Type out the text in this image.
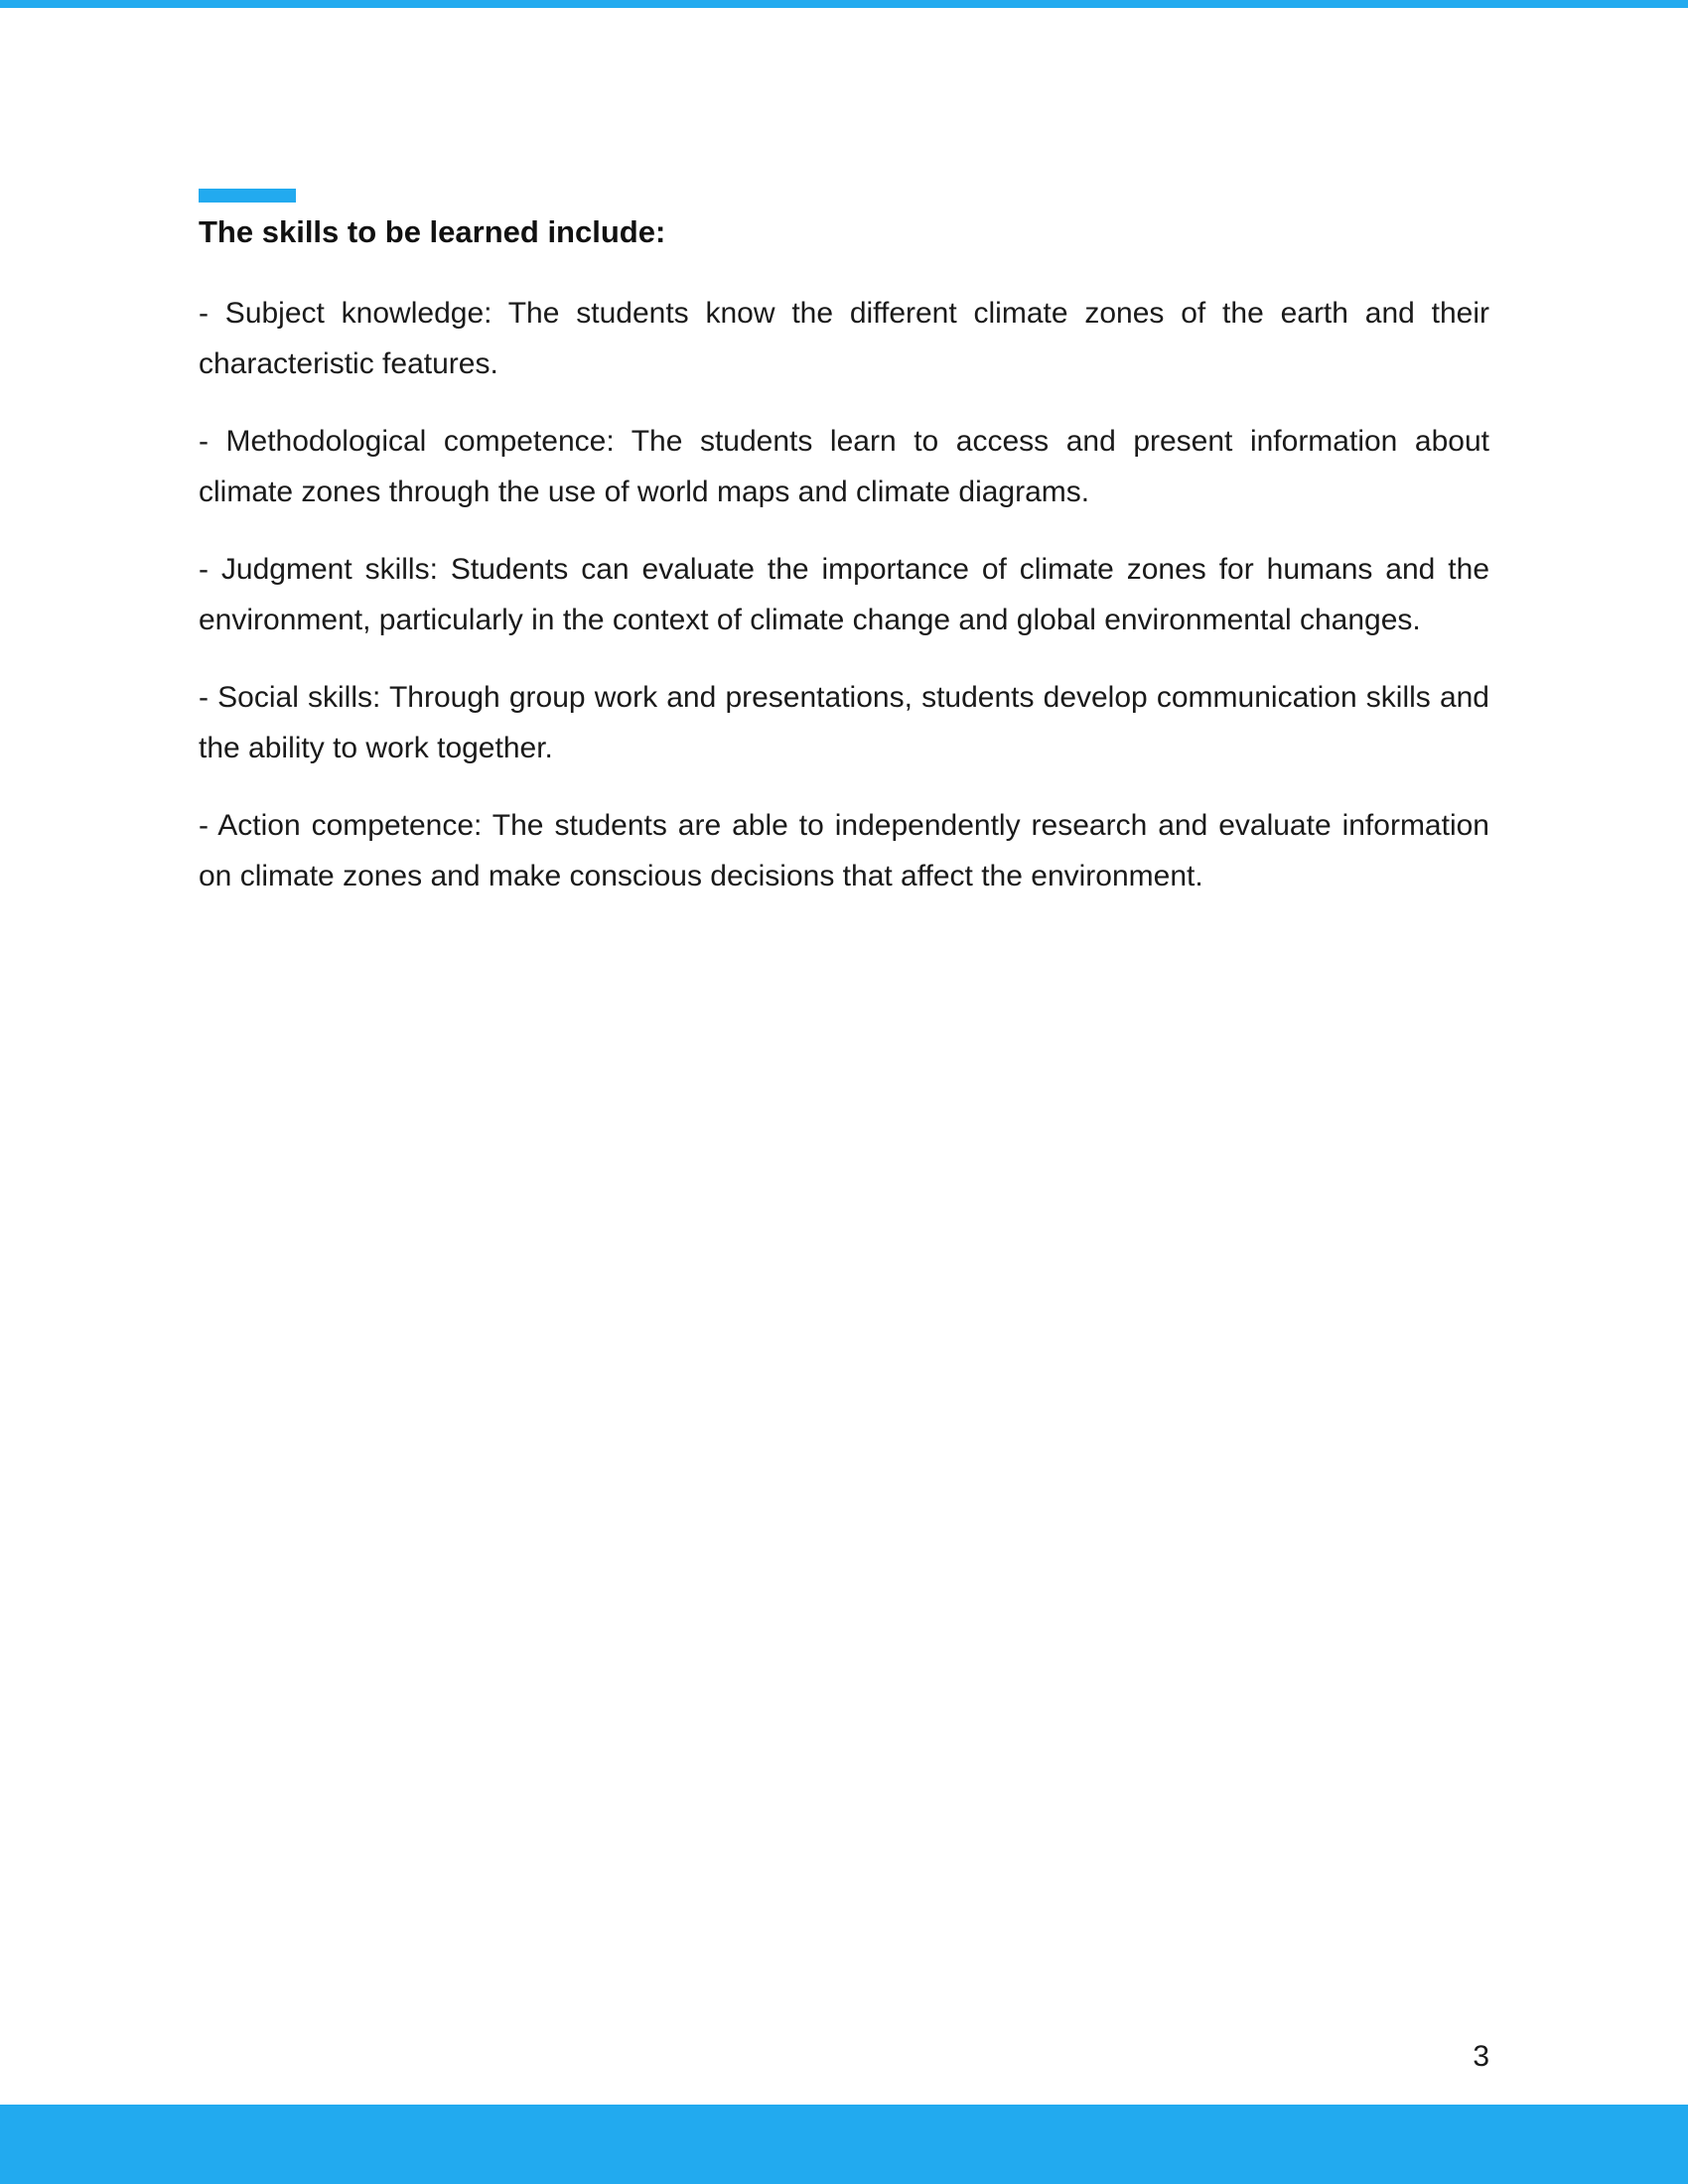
The skills to be learned include:

- Subject knowledge: The students know the different climate zones of the earth and their characteristic features.

- Methodological competence: The students learn to access and present information about climate zones through the use of world maps and climate diagrams.

- Judgment skills: Students can evaluate the importance of climate zones for humans and the environment, particularly in the context of climate change and global environmental changes.

- Social skills: Through group work and presentations, students develop communication skills and the ability to work together.

- Action competence: The students are able to independently research and evaluate information on climate zones and make conscious decisions that affect the environment.

3
